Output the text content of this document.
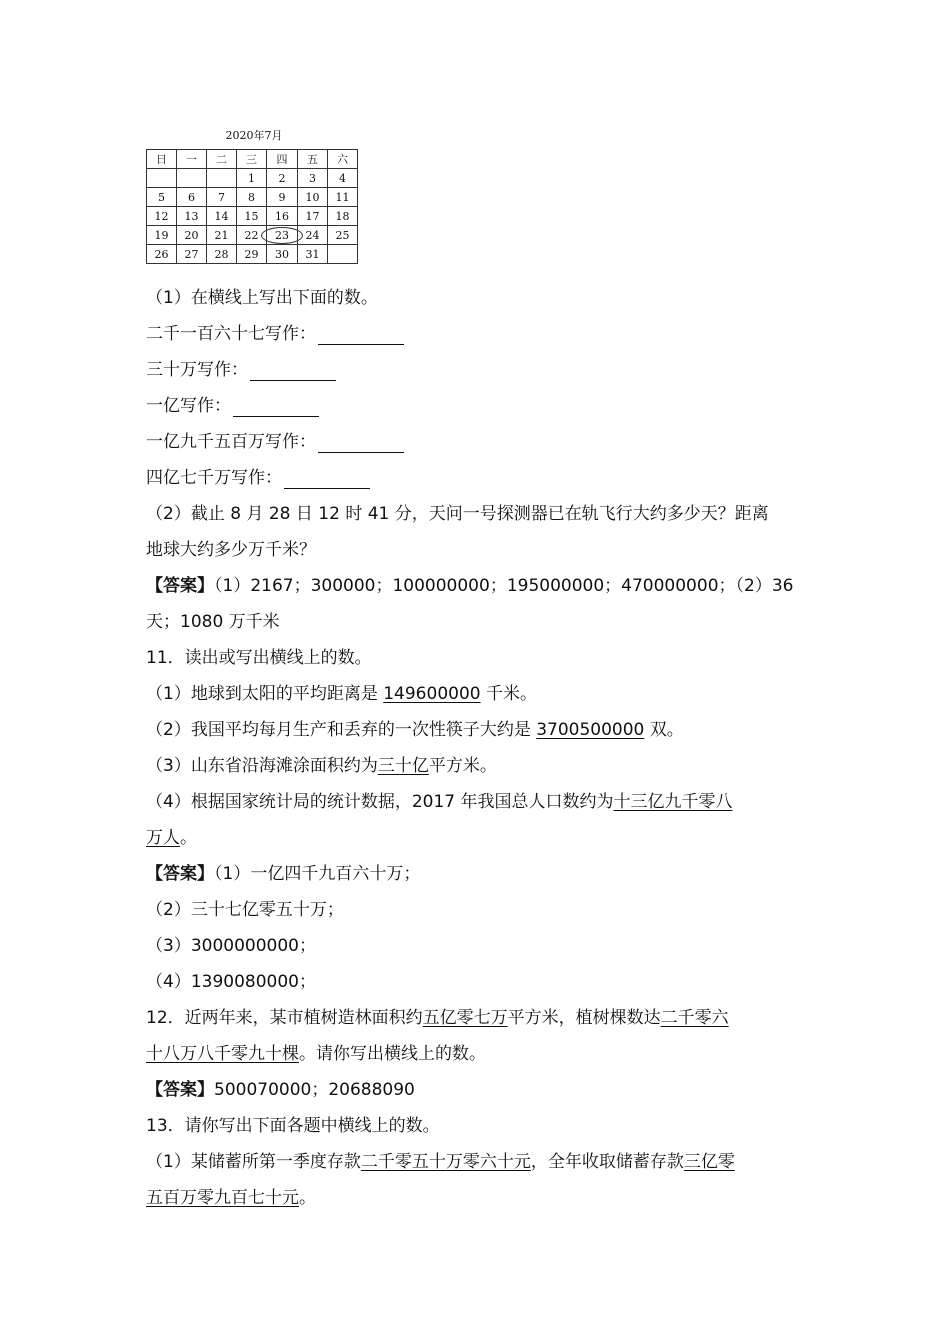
2020年7月
日	一	二	三	四	五	六
			1	2	3	4
5	6	7	8	9	10	11
12	13	14	15	16	17	18
19	20	21	22	23	24	25
26	27	28	29	30	31	
（1）在横线上写出下面的数。
二千一百六十七写作：
三十万写作：
一亿写作：
一亿九千五百万写作：
四亿七千万写作：
（2）截止 8 月 28 日 12 时 41 分，天问一号探测器已在轨飞行大约多少天？距离
地球大约多少万千米？
【答案】（1）2167；300000；100000000；195000000；470000000；（2）36
天；1080 万千米
11．读出或写出横线上的数。
（1）地球到太阳的平均距离是 149600000 千米。
（2）我国平均每月生产和丢弃的一次性筷子大约是 3700500000 双。
（3）山东省沿海滩涂面积约为三十亿平方米。
（4）根据国家统计局的统计数据，2017 年我国总人口数约为十三亿九千零八
万人。
【答案】（1）一亿四千九百六十万；
（2）三十七亿零五十万；
（3）3000000000；
（4）1390080000；
12．近两年来，某市植树造林面积约五亿零七万平方米，植树棵数达二千零六
十八万八千零九十棵。请你写出横线上的数。
【答案】500070000；20688090
13．请你写出下面各题中横线上的数。
（1）某储蓄所第一季度存款二千零五十万零六十元，全年收取储蓄存款三亿零
五百万零九百七十元。
